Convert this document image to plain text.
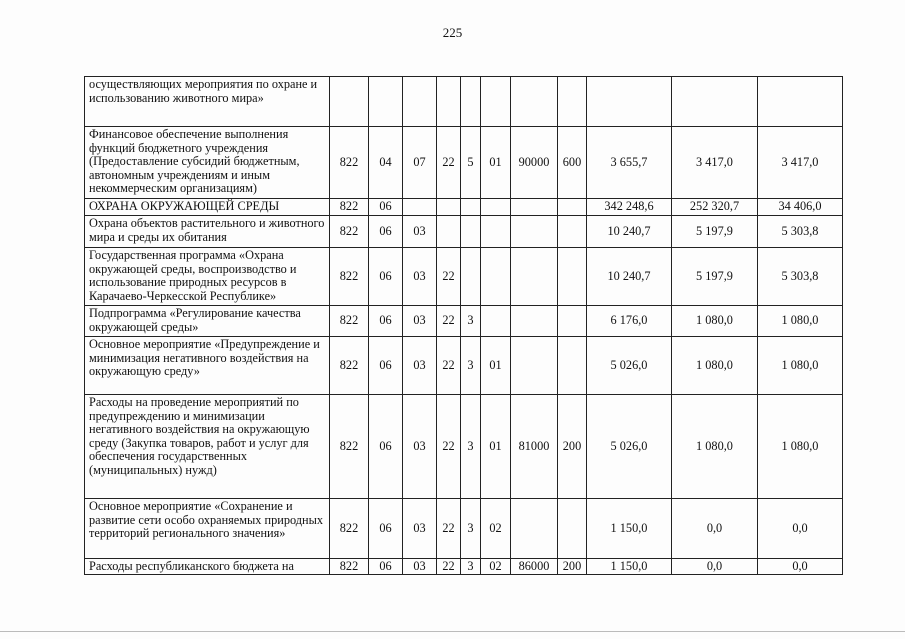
225
осуществляющих мероприятия по охране и использованию животного мира»											
Финансовое обеспечение выполнения функций бюджетного учреждения (Предоставление субсидий бюджетным, автономным учреждениям и иным некоммерческим организациям)	822	04	07	22	5	01	90000	600	3 655,7	3 417,0	3 417,0
ОХРАНА ОКРУЖАЮЩЕЙ СРЕДЫ	822	06							342 248,6	252 320,7	34 406,0
Охрана объектов растительного и животного мира и среды их обитания	822	06	03						10 240,7	5 197,9	5 303,8
Государственная программа «Охрана окружающей среды, воспроизводство и использование природных ресурсов в Карачаево-Черкесской Республике»	822	06	03	22					10 240,7	5 197,9	5 303,8
Подпрограмма «Регулирование качества окружающей среды»	822	06	03	22	3				6 176,0	1 080,0	1 080,0
Основное мероприятие «Предупреждение и минимизация негативного воздействия на окружающую среду»	822	06	03	22	3	01			5 026,0	1 080,0	1 080,0
Расходы на проведение мероприятий по предупреждению и минимизации негативного воздействия на окружающую среду (Закупка товаров, работ и услуг для обеспечения государственных (муниципальных) нужд)	822	06	03	22	3	01	81000	200	5 026,0	1 080,0	1 080,0
Основное мероприятие «Сохранение и развитие сети особо охраняемых природных территорий регионального значения»	822	06	03	22	3	02			1 150,0	0,0	0,0
Расходы республиканского бюджета на	822	06	03	22	3	02	86000	200	1 150,0	0,0	0,0
